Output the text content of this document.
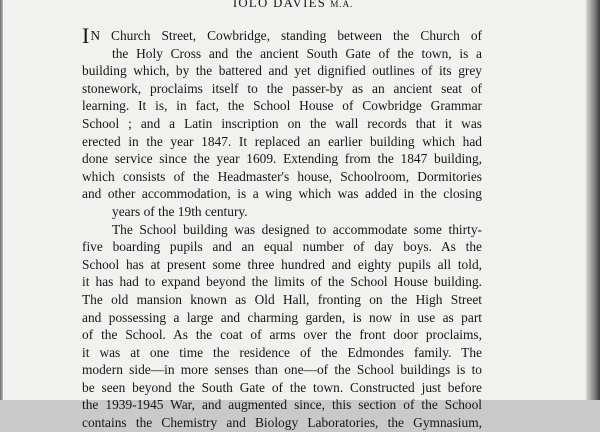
IOLO DAVIES M.A.
IN Church Street, Cowbridge, standing between the Church of
the Holy Cross and the ancient South Gate of the town, is a
building which, by the battered and yet dignified outlines of its grey
stonework, proclaims itself to the passer-by as an ancient seat of
learning. It is, in fact, the School House of Cowbridge Grammar
School ; and a Latin inscription on the wall records that it was
erected in the year 1847. It replaced an earlier building which had
done service since the year 1609. Extending from the 1847 building,
which consists of the Headmaster's house, Schoolroom, Dormitories
and other accommodation, is a wing which was added in the closing
years of the 19th century.
The School building was designed to accommodate some thirty-
five boarding pupils and an equal number of day boys. As the
School has at present some three hundred and eighty pupils all told,
it has had to expand beyond the limits of the School House building.
The old mansion known as Old Hall, fronting on the High Street
and possessing a large and charming garden, is now in use as part
of the School. As the coat of arms over the front door proclaims,
it was at one time the residence of the Edmondes family. The
modern side—in more senses than one—of the School buildings is to
be seen beyond the South Gate of the town. Constructed just before
the 1939-1945 War, and augmented since, this section of the School
contains the Chemistry and Biology Laboratories, the Gymnasium,
